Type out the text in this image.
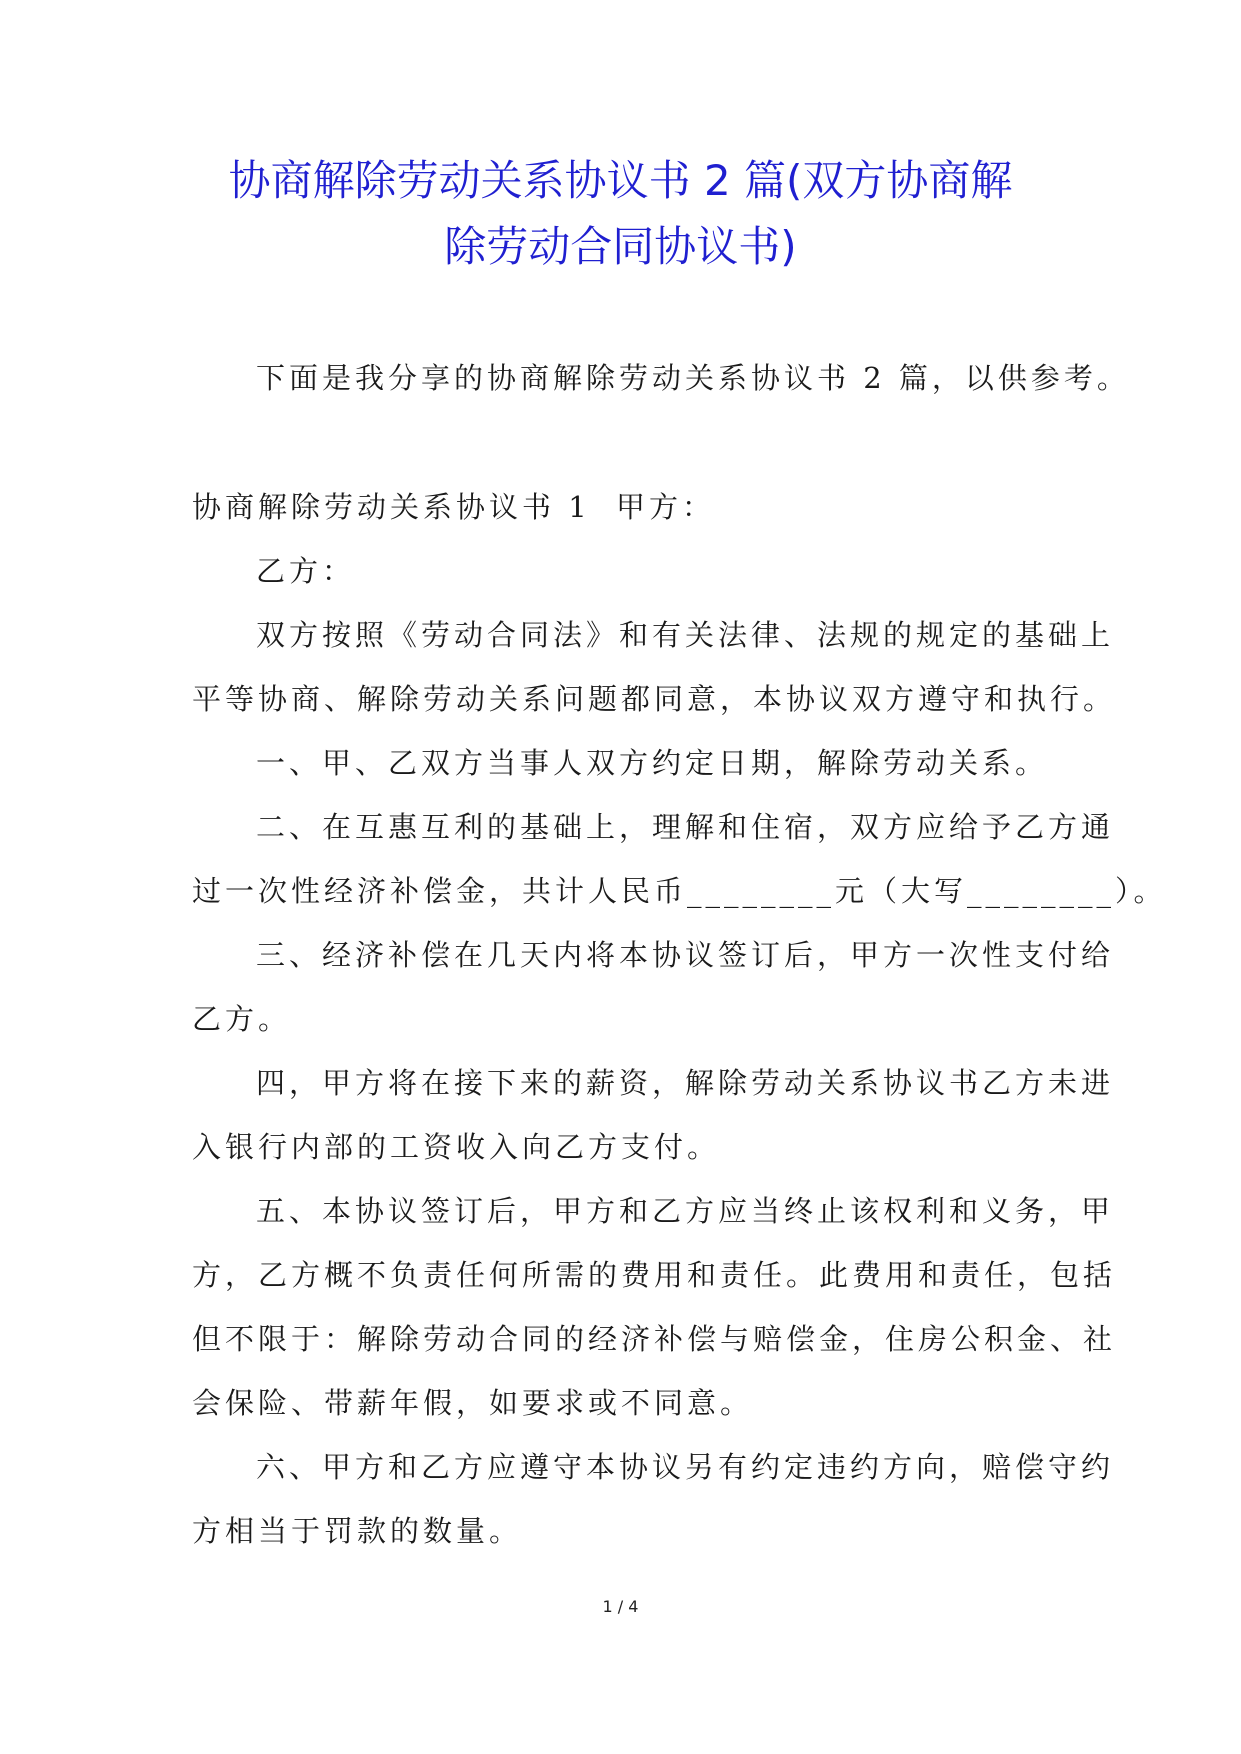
协商解除劳动关系协议书 2 篇(双方协商解
除劳动合同协议书)

下面是我分享的协商解除劳动关系协议书 2 篇，以供参考。

协商解除劳动关系协议书 1 甲方：

乙方：

双方按照《劳动合同法》和有关法律、法规的规定的基础上

平等协商、解除劳动关系问题都同意，本协议双方遵守和执行。

一、甲、乙双方当事人双方约定日期，解除劳动关系。

二、在互惠互利的基础上，理解和住宿，双方应给予乙方通

过一次性经济补偿金，共计人民币________元（大写________）。

三、经济补偿在几天内将本协议签订后，甲方一次性支付给

乙方。

四，甲方将在接下来的薪资，解除劳动关系协议书乙方未进

入银行内部的工资收入向乙方支付。

五、本协议签订后，甲方和乙方应当终止该权利和义务，甲

方，乙方概不负责任何所需的费用和责任。此费用和责任，包括

但不限于：解除劳动合同的经济补偿与赔偿金，住房公积金、社

会保险、带薪年假，如要求或不同意。

六、甲方和乙方应遵守本协议另有约定违约方向，赔偿守约

方相当于罚款的数量。

1 / 4
